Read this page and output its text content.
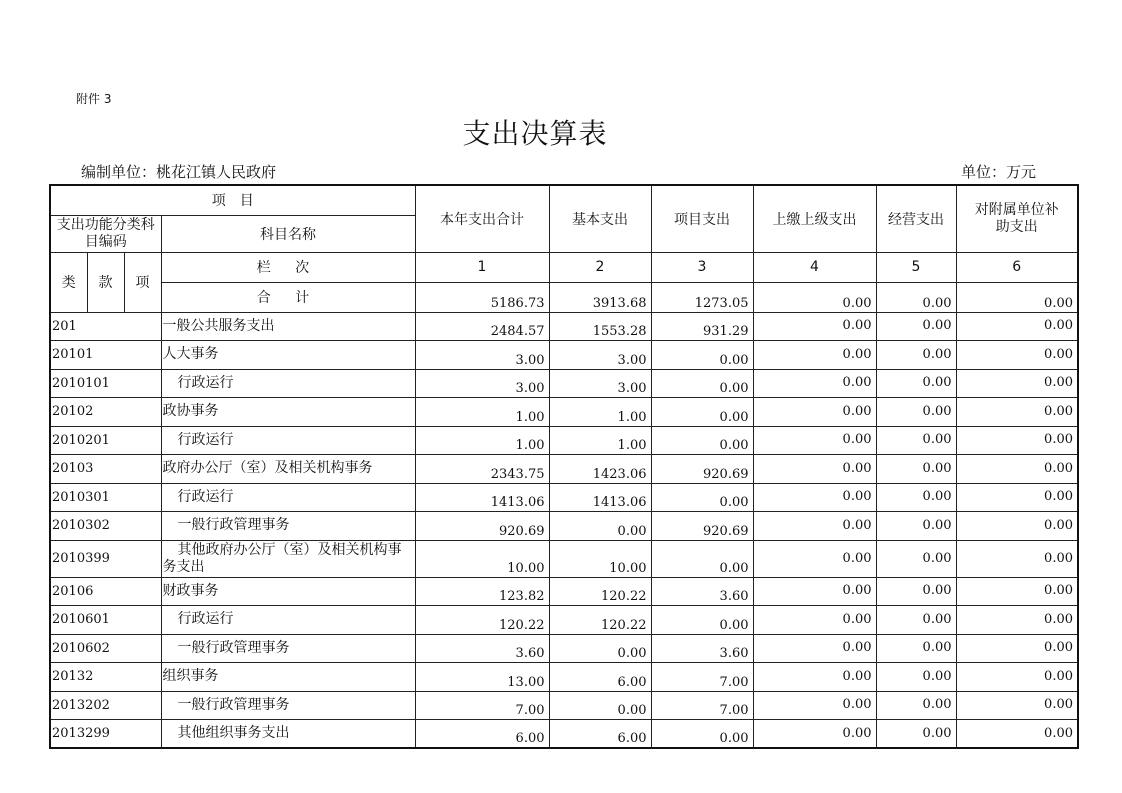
附件 3
支出决算表
编制单位：桃花江镇人民政府	单位：万元
项　目				本年支出合计	基本支出	项目支出	上缴上级支出	经营支出	对附属单位补助支出
支出功能分类科目编码			科目名称						
类	款	项	栏 次	1	2	3	4	5	6
			合 计	5186.73	3913.68	1273.05	0.00	0.00	0.00
201			一般公共服务支出	2484.57	1553.28	931.29	0.00	0.00	0.00
20101			人大事务	3.00	3.00	0.00	0.00	0.00	0.00
2010101			行政运行	3.00	3.00	0.00	0.00	0.00	0.00
20102			政协事务	1.00	1.00	0.00	0.00	0.00	0.00
2010201			行政运行	1.00	1.00	0.00	0.00	0.00	0.00
20103			政府办公厅（室）及相关机构事务	2343.75	1423.06	920.69	0.00	0.00	0.00
2010301			行政运行	1413.06	1413.06	0.00	0.00	0.00	0.00
2010302			一般行政管理事务	920.69	0.00	920.69	0.00	0.00	0.00
2010399			其他政府办公厅（室）及相关机构事务支出	10.00	10.00	0.00	0.00	0.00	0.00
20106			财政事务	123.82	120.22	3.60	0.00	0.00	0.00
2010601			行政运行	120.22	120.22	0.00	0.00	0.00	0.00
2010602			一般行政管理事务	3.60	0.00	3.60	0.00	0.00	0.00
20132			组织事务	13.00	6.00	7.00	0.00	0.00	0.00
2013202			一般行政管理事务	7.00	0.00	7.00	0.00	0.00	0.00
2013299			其他组织事务支出	6.00	6.00	0.00	0.00	0.00	0.00
